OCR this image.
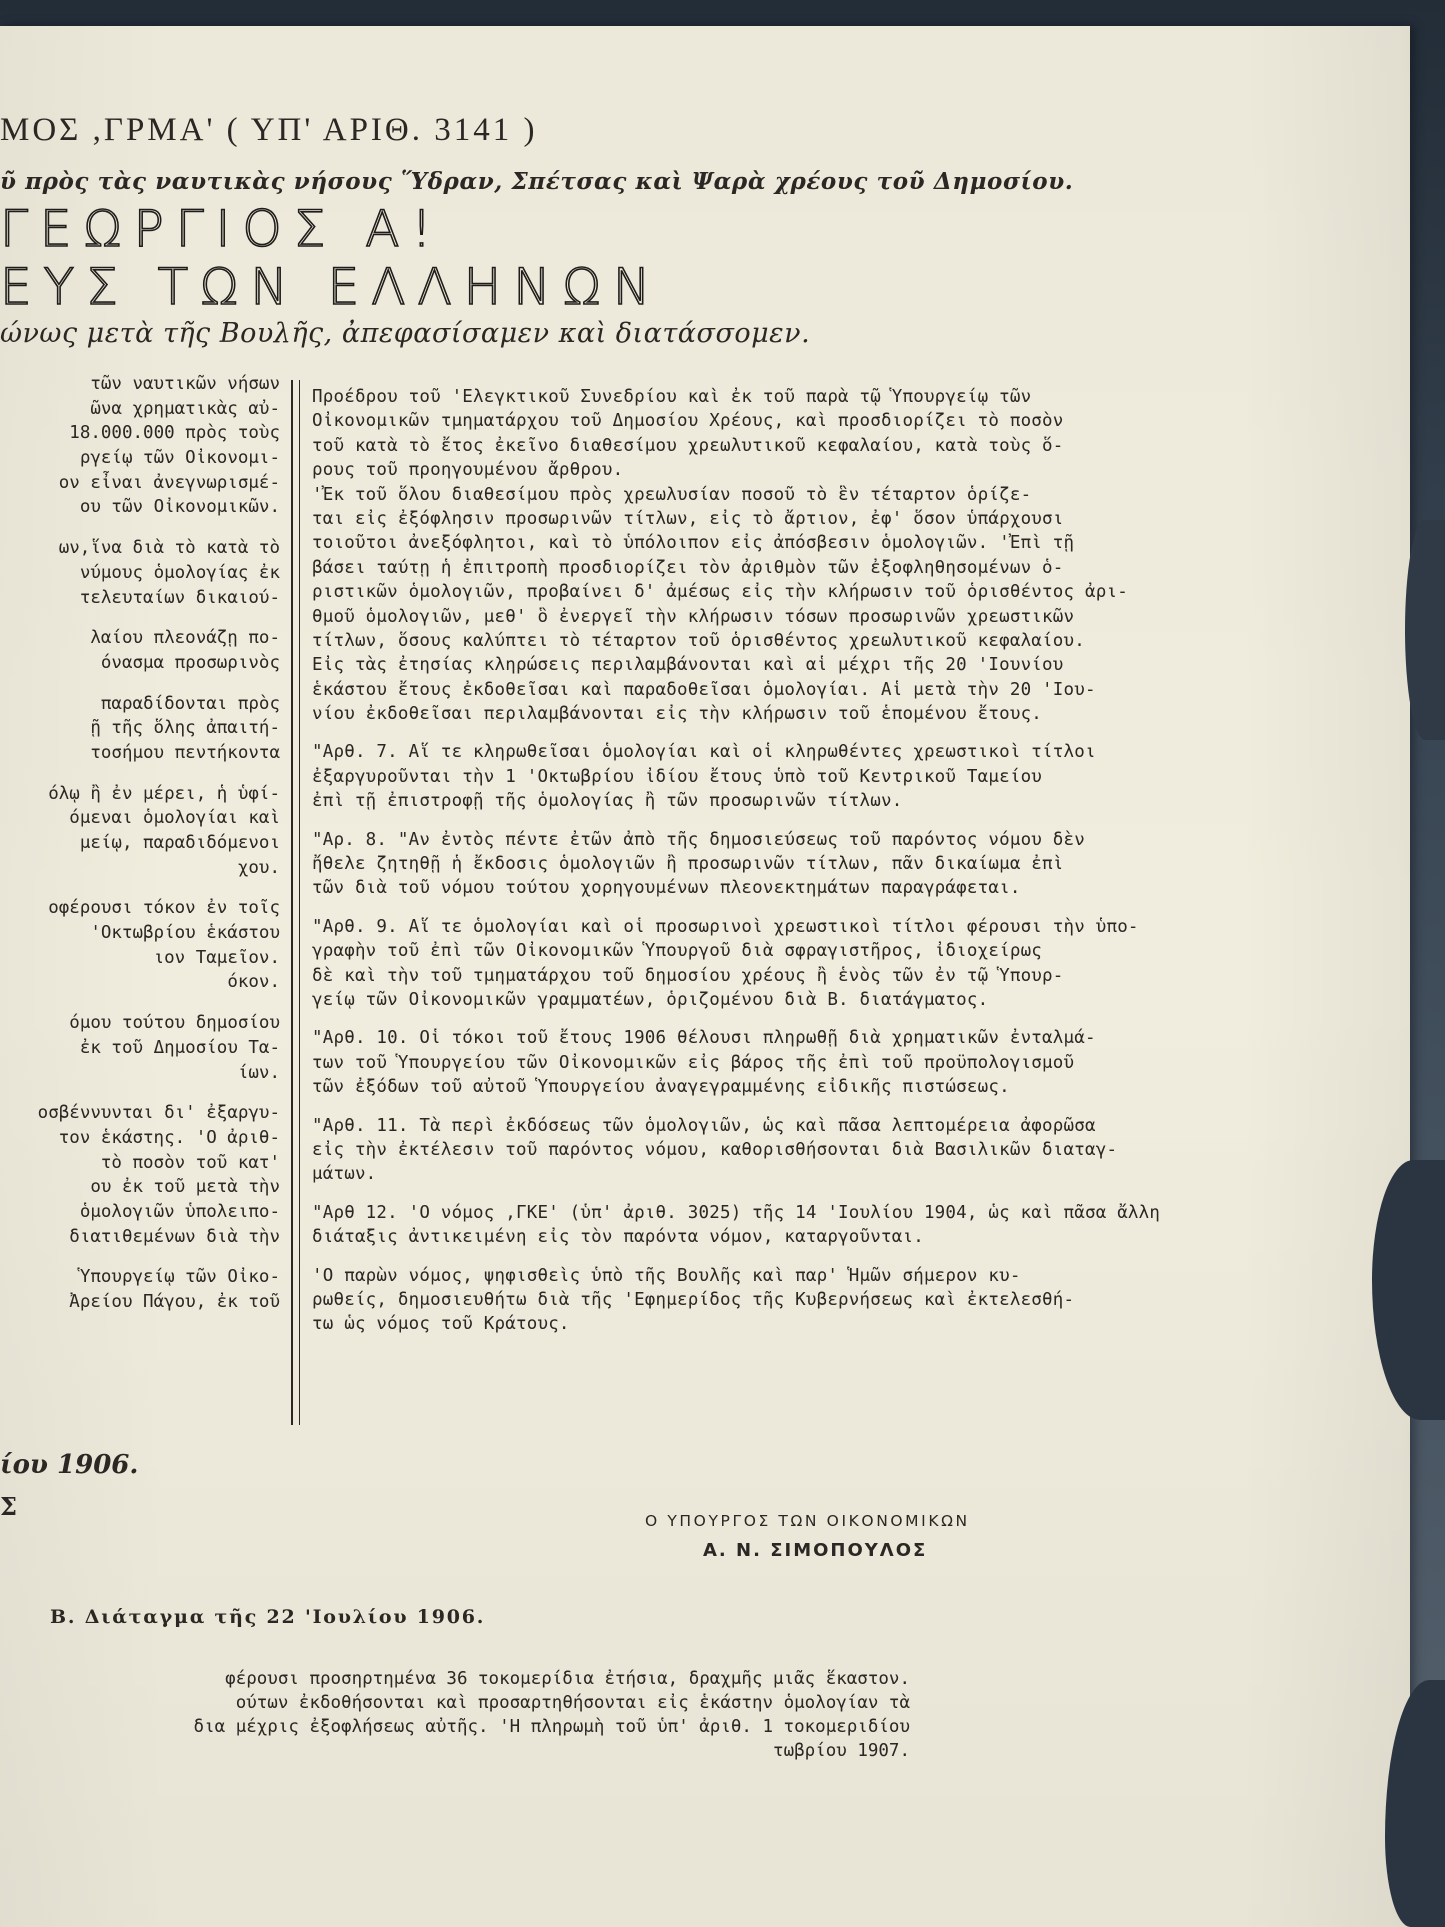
ΜΟΣ ,ΓΡΜΑ' ( ΥΠ' ΑΡΙΘ. 3141 )

ῦ πρὸς τὰς ναυτικὰς νήσους Ὕδραν, Σπέτσας καὶ Ψαρὰ χρέους τοῦ Δημοσίου.

ΓΕΩΡΓΙΟΣ Α!

ΕΥΣ ΤΩΝ ΕΛΛΗΝΩΝ

ώνως μετὰ τῆς Βουλῆς, ἀπεφασίσαμεν καὶ διατάσσομεν.

τῶν ναυτικῶν νήσων
ῶνα χρηματικὰς αὐ-
18.000.000 πρὸς τοὺς
ργείῳ τῶν Οἰκονομι-
ον εἶναι ἀνεγνωρισμέ-
ου τῶν Οἰκονομικῶν.
ων,ἵνα διὰ τὸ κατὰ τὸ
νύμους ὁμολογίας ἐκ
τελευταίων δικαιού-
λαίου πλεονάζῃ πο-
όνασμα προσωρινὸς
παραδίδονται πρὸς
ῇ τῆς ὅλης ἀπαιτή-
τοσήμου πεντήκοντα
όλῳ ἢ ἐν μέρει, ἡ ὑφί-
όμεναι ὁμολογίαι καὶ
μείῳ, παραδιδόμενοι
χου.
οφέρουσι τόκον ἐν τοῖς
'Οκτωβρίου ἑκάστου
ιον Ταμεῖον.
όκον.
όμου τούτου δημοσίου
ἐκ τοῦ Δημοσίου Τα-
ίων.
οσβέννυνται δι' ἐξαργυ-
τον ἑκάστης. 'Ο ἀριθ-
τὸ ποσὸν τοῦ κατ'
ου ἐκ τοῦ μετὰ τὴν
ὁμολογιῶν ὑπολειπο-
διατιθεμένων διὰ τὴν
Ὑπουργείῳ τῶν Οἰκο-
Ἀρείου Πάγου, ἐκ τοῦ
Προέδρου τοῦ 'Ελεγκτικοῦ Συνεδρίου καὶ ἐκ τοῦ παρὰ τῷ Ὑπουργείῳ τῶν
Οἰκονομικῶν τμηματάρχου τοῦ Δημοσίου Χρέους, καὶ προσδιορίζει τὸ ποσὸν
τοῦ κατὰ τὸ ἔτος ἐκεῖνο διαθεσίμου χρεωλυτικοῦ κεφαλαίου, κατὰ τοὺς ὅ-
ρους τοῦ προηγουμένου ἄρθρου.
'Ἐκ τοῦ ὅλου διαθεσίμου πρὸς χρεωλυσίαν ποσοῦ τὸ ἓν τέταρτον ὁρίζε-
ται εἰς ἐξόφλησιν προσωρινῶν τίτλων, εἰς τὸ ἄρτιον, ἐφ' ὅσον ὑπάρχουσι
τοιοῦτοι ἀνεξόφλητοι, καὶ τὸ ὑπόλοιπον εἰς ἀπόσβεσιν ὁμολογιῶν. 'Ἐπὶ τῇ
βάσει ταύτῃ ἡ ἐπιτροπὴ προσδιορίζει τὸν ἀριθμὸν τῶν ἐξοφληθησομένων ὁ-
ριστικῶν ὁμολογιῶν, προβαίνει δ' ἀμέσως εἰς τὴν κλήρωσιν τοῦ ὁρισθέντος ἀρι-
θμοῦ ὁμολογιῶν, μεθ' ὃ ἐνεργεῖ τὴν κλήρωσιν τόσων προσωρινῶν χρεωστικῶν
τίτλων, ὅσους καλύπτει τὸ τέταρτον τοῦ ὁρισθέντος χρεωλυτικοῦ κεφαλαίου.
Εἰς τὰς ἐτησίας κληρώσεις περιλαμβάνονται καὶ αἱ μέχρι τῆς 20 'Ιουνίου
ἑκάστου ἔτους ἐκδοθεῖσαι καὶ παραδοθεῖσαι ὁμολογίαι. Αἱ μετὰ τὴν 20 'Ιου-
νίου ἐκδοθεῖσαι περιλαμβάνονται εἰς τὴν κλήρωσιν τοῦ ἑπομένου ἔτους.
"Αρθ. 7. Αἵ τε κληρωθεῖσαι ὁμολογίαι καὶ οἱ κληρωθέντες χρεωστικοὶ τίτλοι
ἐξαργυροῦνται τὴν 1 'Οκτωβρίου ἰδίου ἔτους ὑπὸ τοῦ Κεντρικοῦ Ταμείου
ἐπὶ τῇ ἐπιστροφῇ τῆς ὁμολογίας ἢ τῶν προσωρινῶν τίτλων.
"Αρ. 8. "Αν ἐντὸς πέντε ἐτῶν ἀπὸ τῆς δημοσιεύσεως τοῦ παρόντος νόμου δὲν
ἤθελε ζητηθῇ ἡ ἔκδοσις ὁμολογιῶν ἢ προσωρινῶν τίτλων, πᾶν δικαίωμα ἐπὶ
τῶν διὰ τοῦ νόμου τούτου χορηγουμένων πλεονεκτημάτων παραγράφεται.
"Αρθ. 9. Αἵ τε ὁμολογίαι καὶ οἱ προσωρινοὶ χρεωστικοὶ τίτλοι φέρουσι τὴν ὑπο-
γραφὴν τοῦ ἐπὶ τῶν Οἰκονομικῶν Ὑπουργοῦ διὰ σφραγιστῆρος, ἰδιοχείρως
δὲ καὶ τὴν τοῦ τμηματάρχου τοῦ δημοσίου χρέους ἢ ἑνὸς τῶν ἐν τῷ Ὑπουρ-
γείῳ τῶν Οἰκονομικῶν γραμματέων, ὁριζομένου διὰ Β. διατάγματος.
"Αρθ. 10. Οἱ τόκοι τοῦ ἔτους 1906 θέλουσι πληρωθῇ διὰ χρηματικῶν ἐνταλμά-
των τοῦ Ὑπουργείου τῶν Οἰκονομικῶν εἰς βάρος τῆς ἐπὶ τοῦ προϋπολογισμοῦ
τῶν ἐξόδων τοῦ αὐτοῦ Ὑπουργείου ἀναγεγραμμένης εἰδικῆς πιστώσεως.
"Αρθ. 11. Τὰ περὶ ἐκδόσεως τῶν ὁμολογιῶν, ὡς καὶ πᾶσα λεπτομέρεια ἀφορῶσα
εἰς τὴν ἐκτέλεσιν τοῦ παρόντος νόμου, καθορισθήσονται διὰ Βασιλικῶν διαταγ-
μάτων.
"Αρθ 12. 'Ο νόμος ,ΓΚΕ' (ὑπ' ἀριθ. 3025) τῆς 14 'Ιουλίου 1904, ὡς καὶ πᾶσα ἄλλη
διάταξις ἀντικειμένη εἰς τὸν παρόντα νόμον, καταργοῦνται.
'Ο παρὼν νόμος, ψηφισθεὶς ὑπὸ τῆς Βουλῆς καὶ παρ' Ἡμῶν σήμερον κυ-
ρωθείς, δημοσιευθήτω διὰ τῆς 'Εφημερίδος τῆς Κυβερνήσεως καὶ ἐκτελεσθή-
τω ὡς νόμος τοῦ Κράτους.

ίου 1906.

Σ	Ο ΥΠΟΥΡΓΟΣ ΤΩΝ ΟΙΚΟΝΟΜΙΚΩΝ

Α. Ν. ΣΙΜΟΠΟΥΛΟΣ

Β. Διάταγμα τῆς 22 'Ιουλίου 1906.

φέρουσι προσηρτημένα 36 τοκομερίδια ἐτήσια, δραχμῆς μιᾶς ἕκαστον.
ούτων ἐκδοθήσονται καὶ προσαρτηθήσονται εἰς ἑκάστην ὁμολογίαν τὰ
δια μέχρις ἐξοφλήσεως αὐτῆς. 'Η πληρωμὴ τοῦ ὑπ' ἀριθ. 1 τοκομεριδίου
τωβρίου 1907.
